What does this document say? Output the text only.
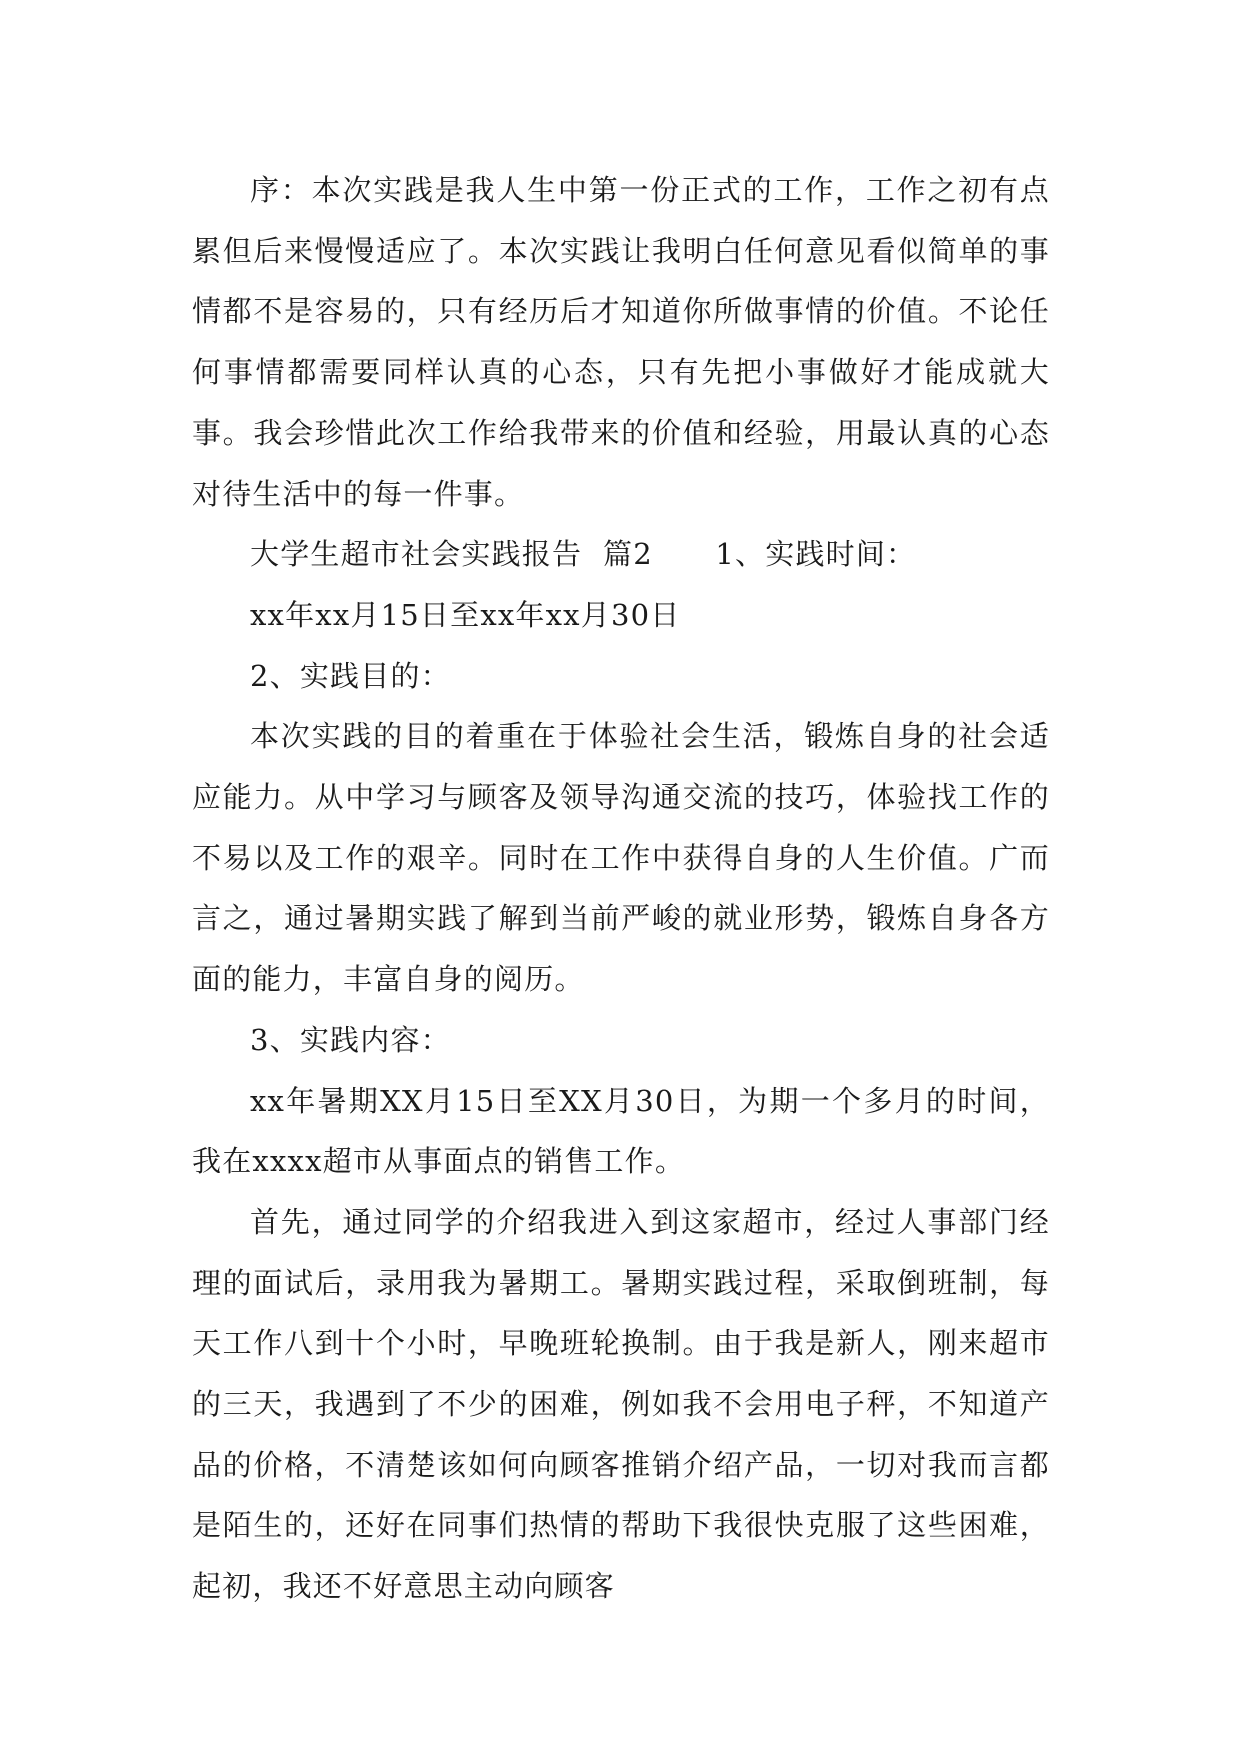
序：本次实践是我人生中第一份正式的工作，工作之初有点累但后来慢慢适应了。本次实践让我明白任何意见看似简单的事情都不是容易的，只有经历后才知道你所做事情的价值。不论任何事情都需要同样认真的心态，只有先把小事做好才能成就大事。我会珍惜此次工作给我带来的价值和经验，用最认真的心态对待生活中的每一件事。

大学生超市社会实践报告  篇2      1、实践时间：

xx年xx月15日至xx年xx月30日

2、实践目的：

本次实践的目的着重在于体验社会生活，锻炼自身的社会适应能力。从中学习与顾客及领导沟通交流的技巧，体验找工作的不易以及工作的艰辛。同时在工作中获得自身的人生价值。广而言之，通过暑期实践了解到当前严峻的就业形势，锻炼自身各方面的能力，丰富自身的阅历。

3、实践内容：

xx年暑期XX月15日至XX月30日，为期一个多月的时间，我在xxxx超市从事面点的销售工作。

首先，通过同学的介绍我进入到这家超市，经过人事部门经理的面试后，录用我为暑期工。暑期实践过程，采取倒班制，每天工作八到十个小时，早晚班轮换制。由于我是新人，刚来超市的三天，我遇到了不少的困难，例如我不会用电子秤，不知道产品的价格，不清楚该如何向顾客推销介绍产品，一切对我而言都是陌生的，还好在同事们热情的帮助下我很快克服了这些困难，起初，我还不好意思主动向顾客
